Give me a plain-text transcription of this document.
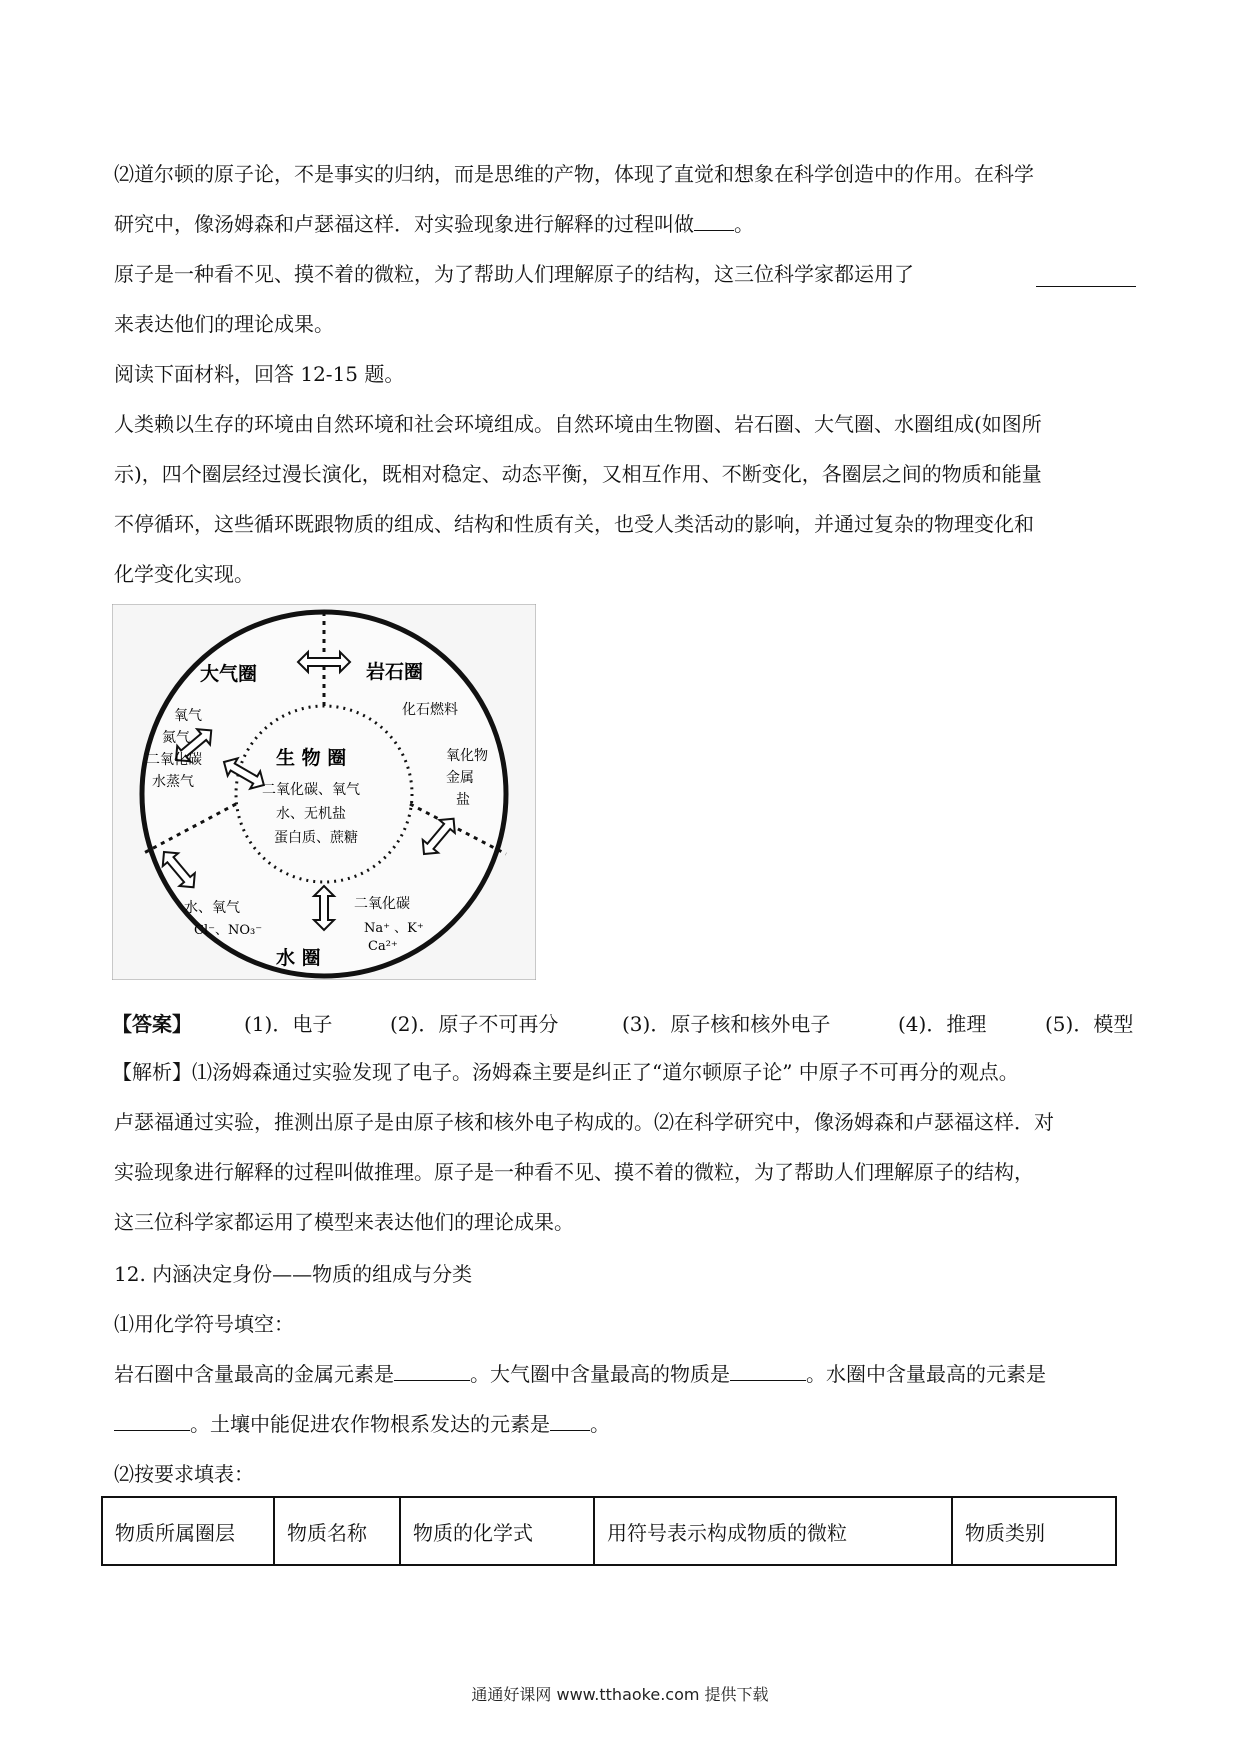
⑵道尔顿的原子论，不是事实的归纳，而是思维的产物，体现了直觉和想象在科学创造中的作用。在科学

研究中，像汤姆森和卢瑟福这样．对实验现象进行解释的过程叫做 。

原子是一种看不见、摸不着的微粒，为了帮助人们理解原子的结构，这三位科学家都运用了

来表达他们的理论成果。

阅读下面材料，回答 12-15 题。

人类赖以生存的环境由自然环境和社会环境组成。自然环境由生物圈、岩石圈、大气圈、水圈组成(如图所

示)，四个圈层经过漫长演化，既相对稳定、动态平衡，又相互作用、不断变化，各圈层之间的物质和能量

不停循环，这些循环既跟物质的组成、结构和性质有关，也受人类活动的影响，并通过复杂的物理变化和

化学变化实现。

大气圈	岩石圈
生 物 圈
水 圈
氧气
氮气
二氧化碳
水蒸气
化石燃料
氧化物
金属
盐
二氧化碳、氧气
水、无机盐
蛋白质、蔗糖
水、氧气
Cl⁻、NO₃⁻
二氧化碳
Na⁺ 、K⁺
Ca²⁺
【答案】	(1)．电子	(2)．原子不可再分	(3)．原子核和核外电子	(4)．推理	(5)．模型

【解析】⑴汤姆森通过实验发现了电子。汤姆森主要是纠正了“道尔顿原子论” 中原子不可再分的观点。

卢瑟福通过实验，推测出原子是由原子核和核外电子构成的。⑵在科学研究中，像汤姆森和卢瑟福这样．对

实验现象进行解释的过程叫做推理。原子是一种看不见、摸不着的微粒，为了帮助人们理解原子的结构，

这三位科学家都运用了模型来表达他们的理论成果。

12. 内涵决定身份——物质的组成与分类

⑴用化学符号填空：

岩石圈中含量最高的金属元素是	。大气圈中含量最高的物质是	。水圈中含量最高的元素是

。土壤中能促进农作物根系发达的元素是 。

⑵按要求填表：

物质所属圈层	物质名称	物质的化学式	用符号表示构成物质的微粒	物质类别
通通好课网 www.tthaoke.com 提供下载
